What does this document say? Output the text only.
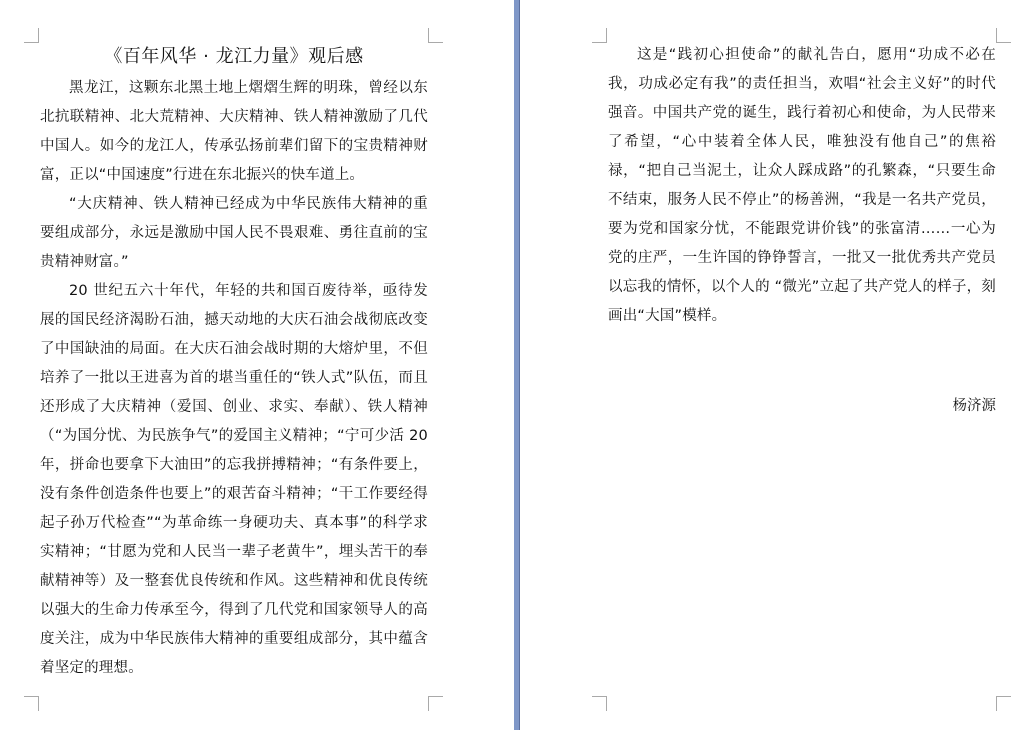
《百年风华 · 龙江力量》观后感

黑龙江，这颗东北黑土地上熠熠生辉的明珠，曾经以东北抗联精神、北大荒精神、大庆精神、铁人精神激励了几代中国人。如今的龙江人，传承弘扬前辈们留下的宝贵精神财富，正以“中国速度”行进在东北振兴的快车道上。

“大庆精神、铁人精神已经成为中华民族伟大精神的重要组成部分，永远是激励中国人民不畏艰难、勇往直前的宝贵精神财富。”

20 世纪五六十年代，年轻的共和国百废待举，亟待发展的国民经济渴盼石油，撼天动地的大庆石油会战彻底改变了中国缺油的局面。在大庆石油会战时期的大熔炉里，不但培养了一批以王进喜为首的堪当重任的“铁人式”队伍，而且还形成了大庆精神（爱国、创业、求实、奉献）、铁人精神（“为国分忧、为民族争气”的爱国主义精神；“宁可少活 20 年，拼命也要拿下大油田”的忘我拼搏精神；“有条件要上，没有条件创造条件也要上”的艰苦奋斗精神；“干工作要经得起子孙万代检查”“为革命练一身硬功夫、真本事”的科学求实精神；“甘愿为党和人民当一辈子老黄牛”，埋头苦干的奉献精神等）及一整套优良传统和作风。这些精神和优良传统以强大的生命力传承至今，得到了几代党和国家领导人的高度关注，成为中华民族伟大精神的重要组成部分，其中蕴含着坚定的理想。

这是“践初心担使命”的献礼告白，愿用“功成不必在我，功成必定有我”的责任担当，欢唱“社会主义好”的时代强音。中国共产党的诞生，践行着初心和使命，为人民带来了希望，“心中装着全体人民，唯独没有他自己”的焦裕禄，“把自己当泥土，让众人踩成路”的孔繁森，“只要生命不结束，服务人民不停止”的杨善洲，“我是一名共产党员，要为党和国家分忧，不能跟党讲价钱”的张富清……一心为党的庄严，一生许国的铮铮誓言，一批又一批优秀共产党员以忘我的情怀，以个人的 “微光”立起了共产党人的样子，刻画出“大国”模样。

杨济源
